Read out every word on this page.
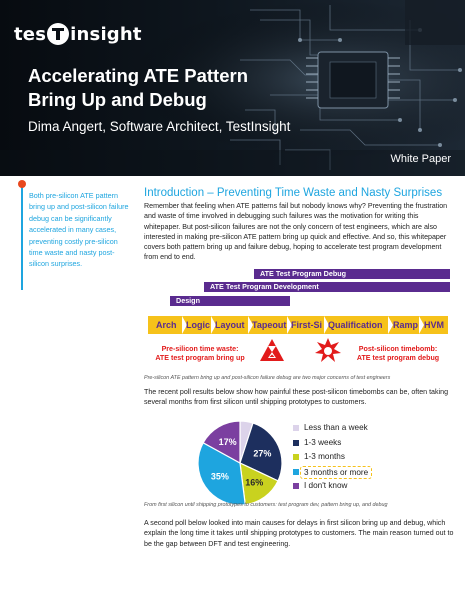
tes insight
Accelerating ATE Pattern
Bring Up and Debug
Dima Angert, Software Architect, TestInsight
White Paper
Both pre-silicon ATE pattern bring up and post-silicon failure debug can be significantly accelerated in many cases, preventing costly pre-silicon time waste and nasty post-silicon surprises.
Introduction – Preventing Time Waste and Nasty Surprises
Remember that feeling when ATE patterns fail but nobody knows why? Preventing the frustration and waste of time involved in debugging such failures was the motivation for writing this whitepaper. But post-silicon failures are not the only concern of test engineers, which are also interested in making pre-silicon ATE pattern bring up quick and effective. And so, this whitepaper covers both pattern bring up and failure debug, hoping to accelerate test program development from end to end.
ATE Test Program Debug
ATE Test Program Development
Design
Arch Logic Layout Tapeout First-Si Qualification Ramp HVM
Pre-silicon time waste:
ATE test program bring up
Post-silicon timebomb:
ATE test program debug
Pre-silicon ATE pattern bring up and post-silicon failure debug are two major concerns of test engineers
The recent poll results below show how painful these post-silicon timebombs can be, often taking several months from first silicon until shipping prototypes to customers.
27%
16%
35%
17%
Less than a week
1-3 weeks
1-3 months
3 months or more
I don't know
From first silicon until shipping prototypes to customers: test program dev, pattern bring up, and debug
A second poll below looked into main causes for delays in first silicon bring up and debug, which explain the long time it takes until shipping prototypes to customers. The main reason turned out to be the gap between DFT and test engineering.
